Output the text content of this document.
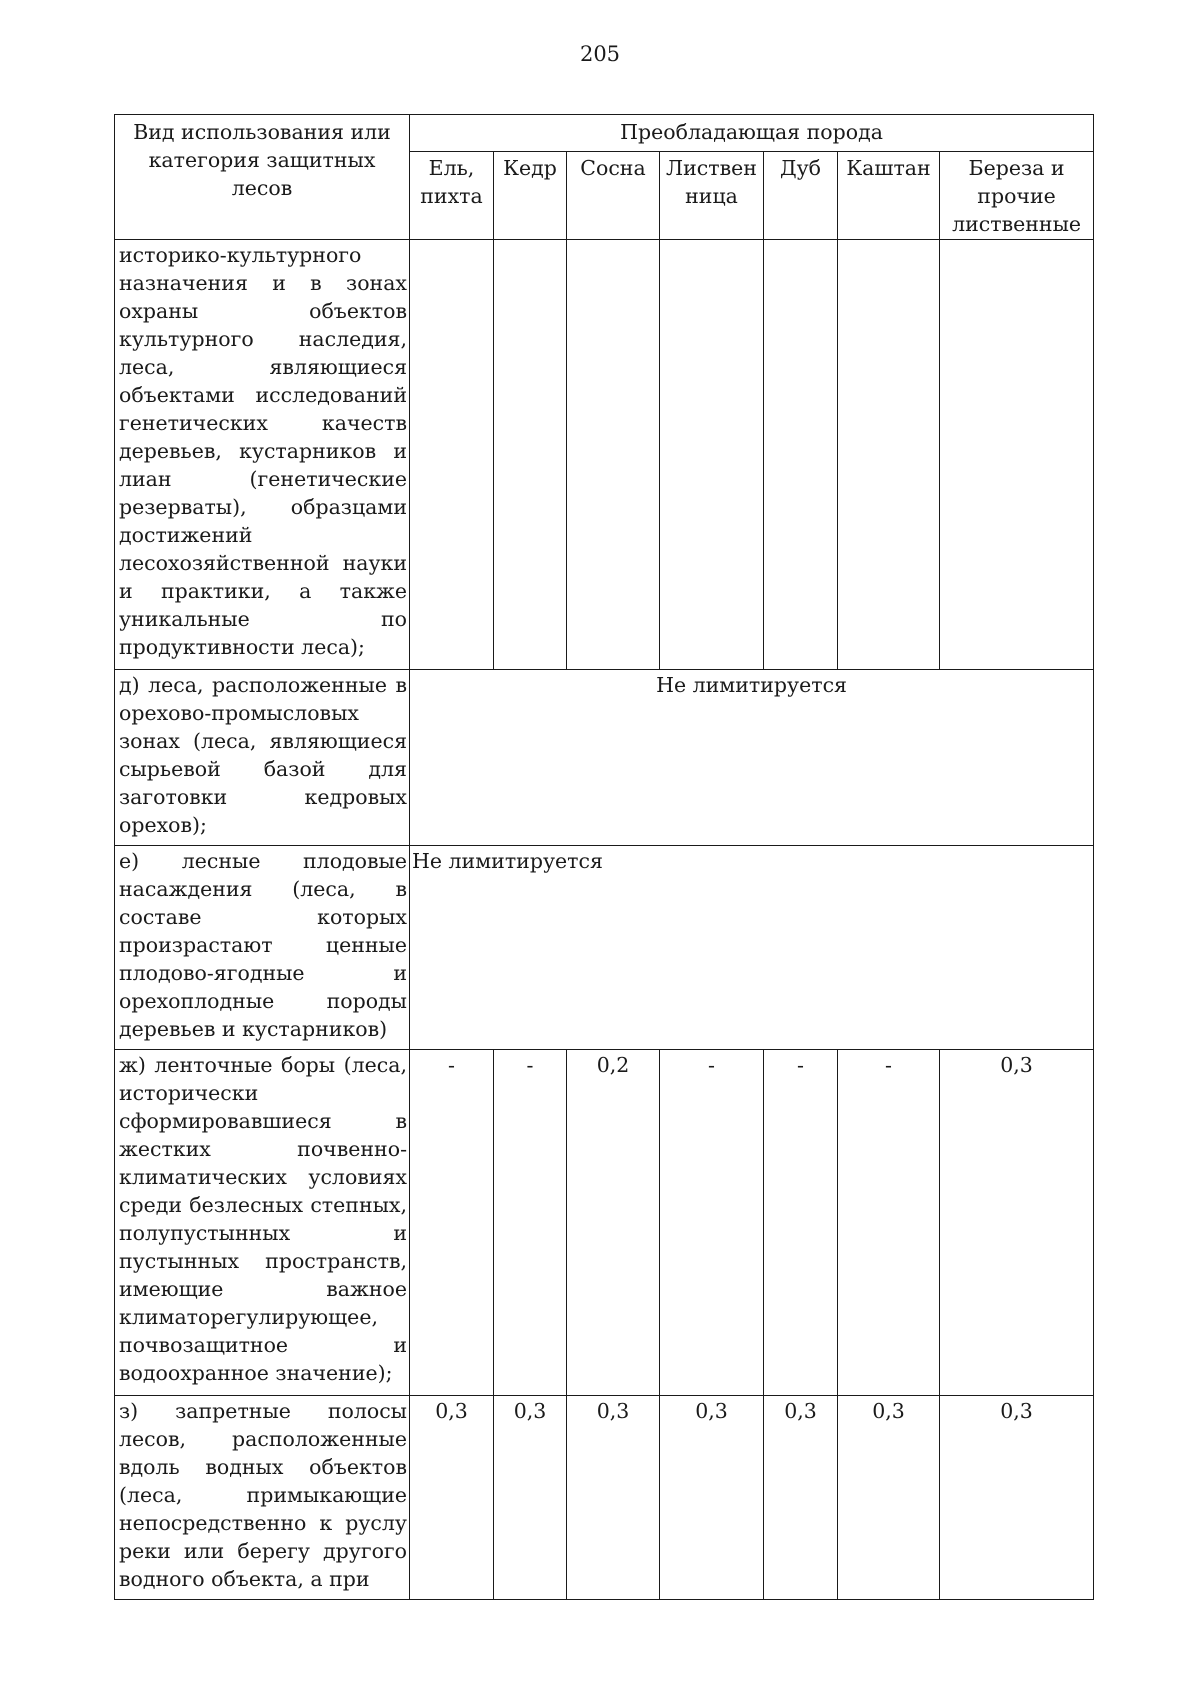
205
Вид использования или категория защитных лесов	Преобладающая порода						
	Ель, пихта	Кедр	Сосна	Листвен ница	Дуб	Каштан	Береза и прочие лиственные
историко-культурного назначения и в зонах охраны объектов культурного наследия, леса, являющиеся объектами исследований генетических качеств деревьев, кустарников и лиан (генетические резерваты), образцами достижений лесохозяйственной науки и практики, а также уникальные по продуктивности леса);							
д) леса, расположенные в орехово-промысловых зонах (леса, являющиеся сырьевой базой для заготовки кедровых орехов);	Не лимитируется						
е) лесные плодовые насаждения (леса, в составе которых произрастают ценные плодово-ягодные и орехоплодные породы деревьев и кустарников)	Не лимитируется						
ж) ленточные боры (леса, исторически сформировавшиеся в жестких почвенно-климатических условиях среди безлесных степных, полупустынных и пустынных пространств, имеющие важное климаторегулирующее, почвозащитное и водоохранное значение);	-	-	0,2	-	-	-	0,3
з) запретные полосы лесов, расположенные вдоль водных объектов (леса, примыкающие непосредственно к руслу реки или берегу другого водного объекта, а при	0,3	0,3	0,3	0,3	0,3	0,3	0,3
